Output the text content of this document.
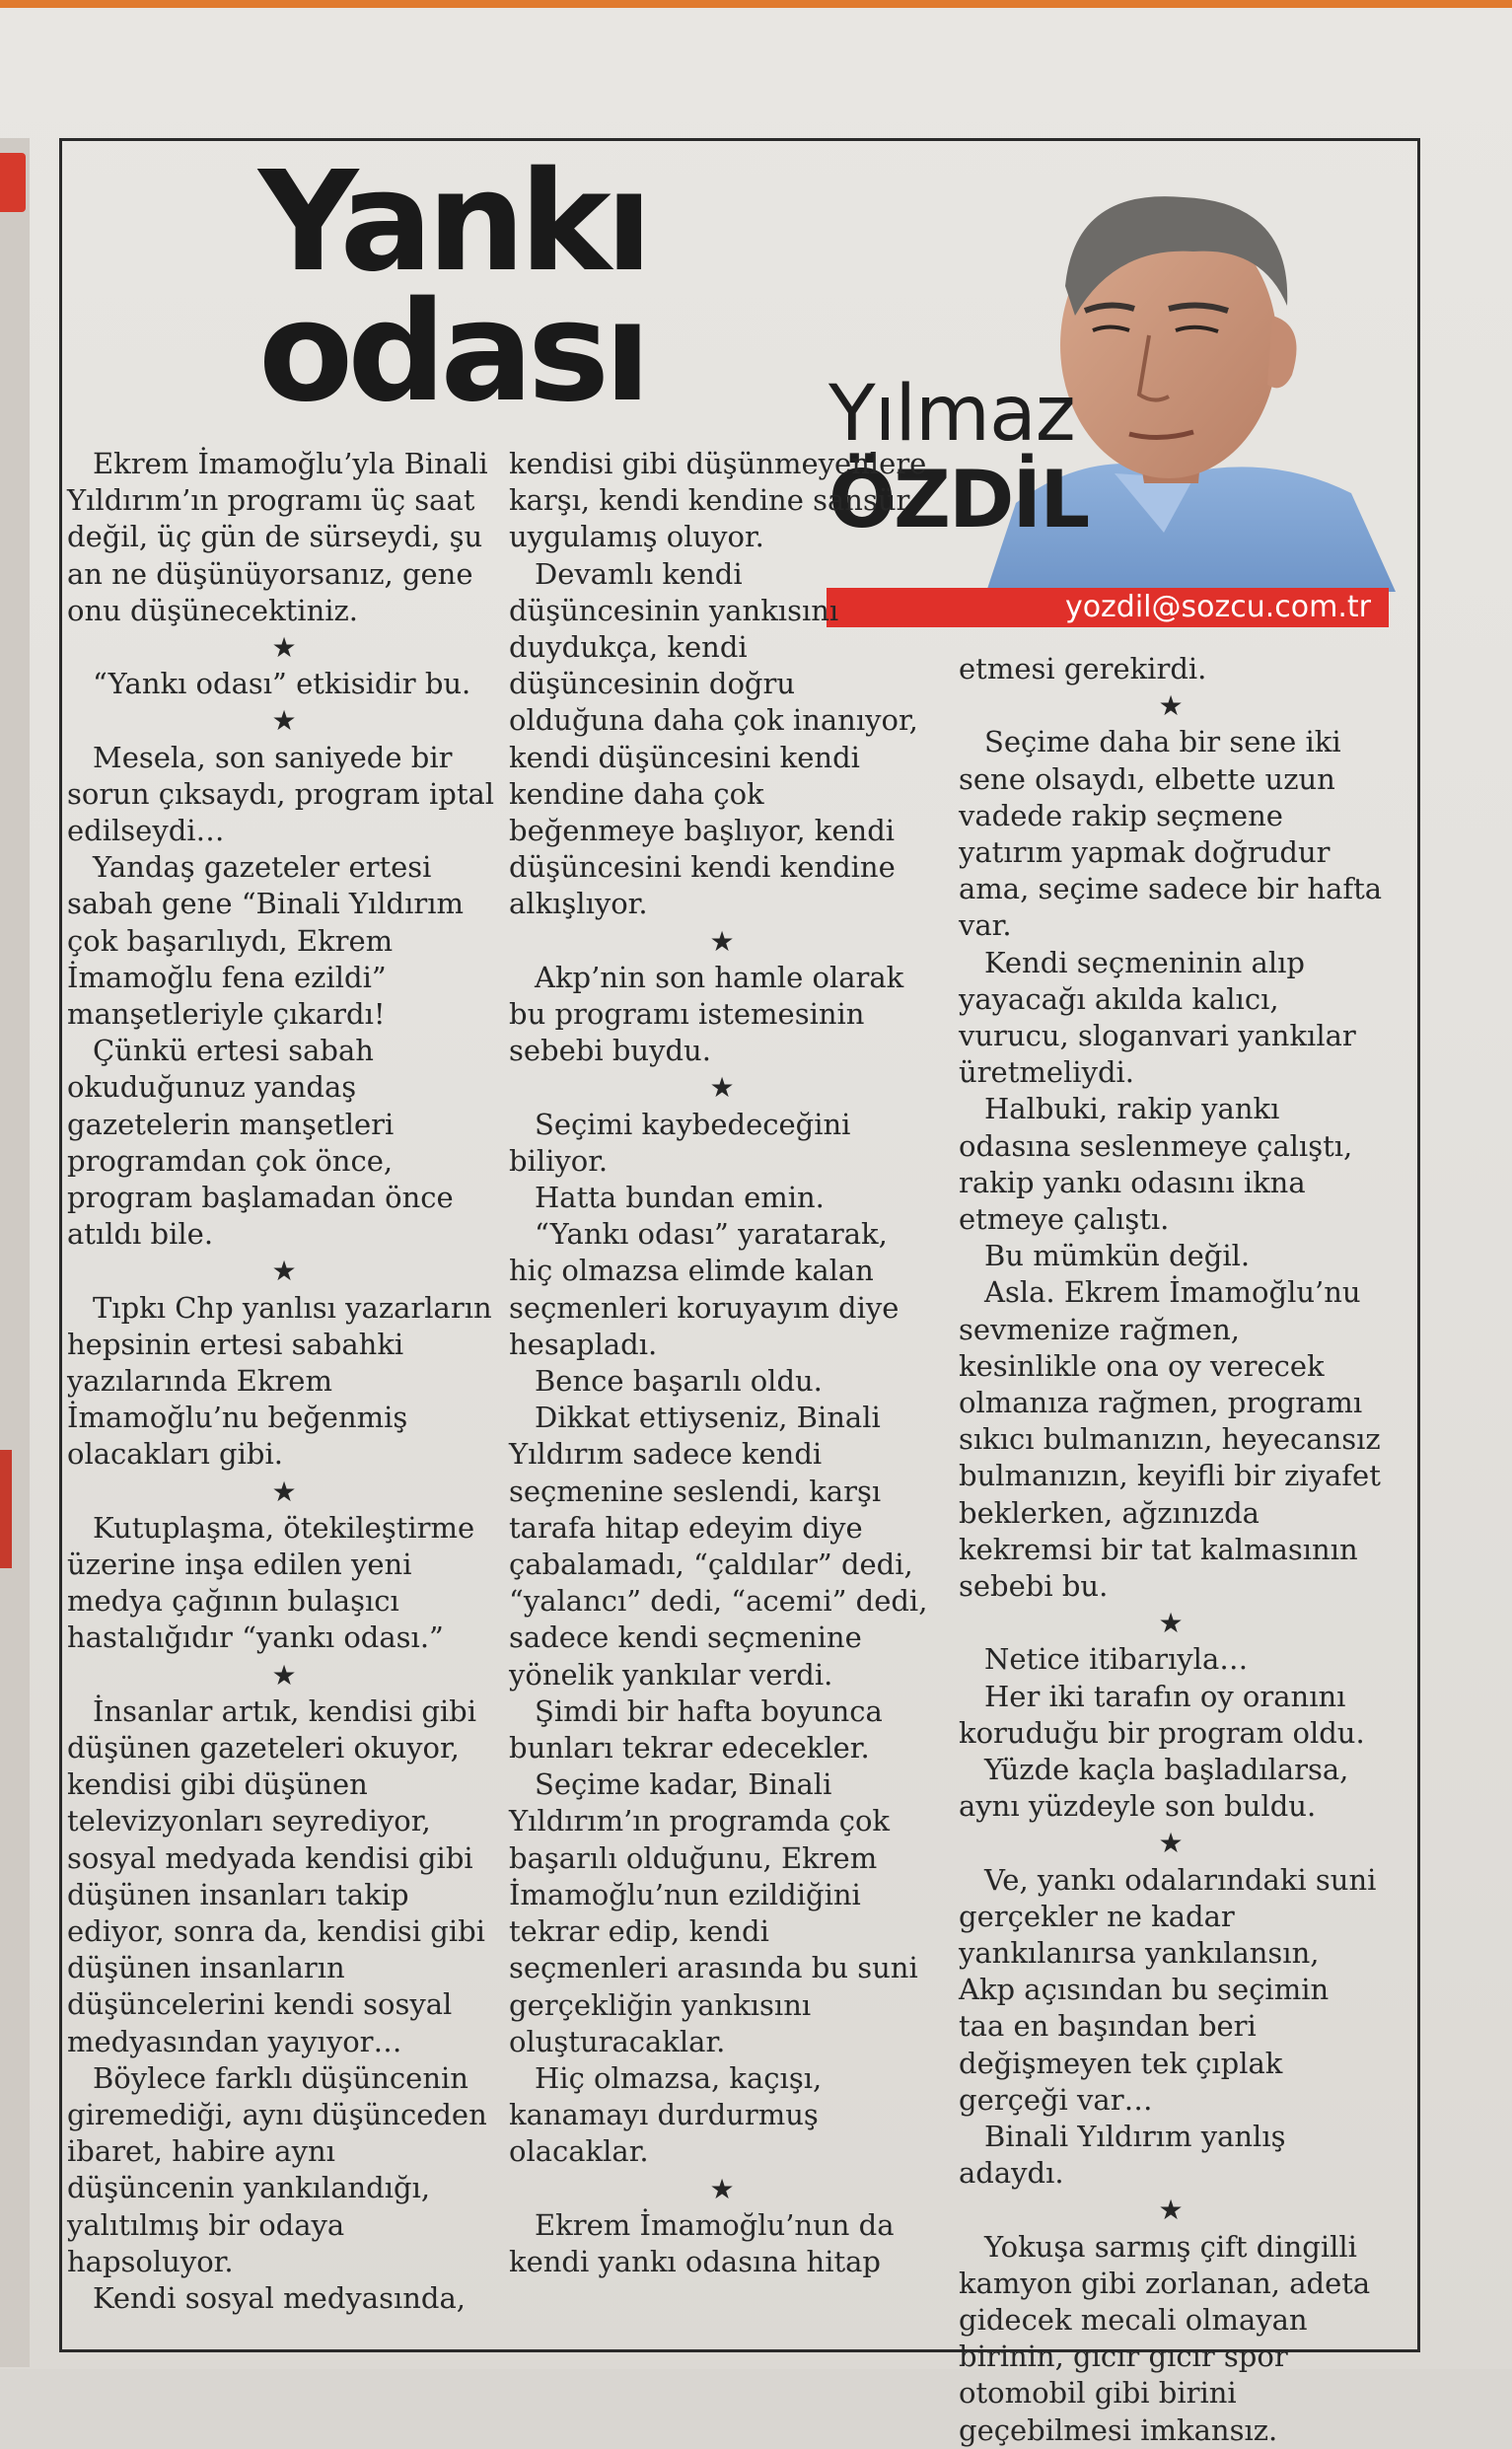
Yankı
odası Yılmaz
ÖZDİL
yozdil@sozcu.com.tr

Ekrem İmamoğlu’yla Binali Yıldırım’ın programı üç saat değil, üç gün de sürseydi, şu an ne düşünüyorsanız, gene onu düşünecektiniz.

★

“Yankı odası” etkisidir bu.

★

Mesela, son saniyede bir sorun çıksaydı, program iptal edilseydi…

Yandaş gazeteler ertesi sabah gene “Binali Yıldırım çok başarılıydı, Ekrem İmamoğlu fena ezildi” manşetleriyle çıkardı!

Çünkü ertesi sabah okuduğunuz yandaş gazetelerin manşetleri programdan çok önce, program başlamadan önce atıldı bile.

★

Tıpkı Chp yanlısı yazarların hepsinin ertesi sabahki yazılarında Ekrem İmamoğlu’nu beğenmiş olacakları gibi.

★

Kutuplaşma, ötekileştirme üzerine inşa edilen yeni medya çağının bulaşıcı hastalığıdır “yankı odası.”

★

İnsanlar artık, kendisi gibi düşünen gazeteleri okuyor, kendisi gibi düşünen televizyonları seyrediyor, sosyal medyada kendisi gibi düşünen insanları takip ediyor, sonra da, kendisi gibi düşünen insanların düşüncelerini kendi sosyal medyasından yayıyor…

Böylece farklı düşüncenin giremediği, aynı düşünceden ibaret, habire aynı düşüncenin yankılandığı, yalıtılmış bir odaya hapsoluyor.

Kendi sosyal medyasında,

kendisi gibi düşünmeyenlere karşı, kendi kendine sansür uygulamış oluyor.

Devamlı kendi düşüncesinin yankısını duydukça, kendi düşüncesinin doğru olduğuna daha çok inanıyor, kendi düşüncesini kendi kendine daha çok beğenmeye başlıyor, kendi düşüncesini kendi kendine alkışlıyor.

★

Akp’nin son hamle olarak bu programı istemesinin sebebi buydu.

★

Seçimi kaybedeceğini biliyor.

Hatta bundan emin.

“Yankı odası” yaratarak, hiç olmazsa elimde kalan seçmenleri koruyayım diye hesapladı.

Bence başarılı oldu.

Dikkat ettiyseniz, Binali Yıldırım sadece kendi seçmenine seslendi, karşı tarafa hitap edeyim diye çabalamadı, “çaldılar” dedi, “yalancı” dedi, “acemi” dedi, sadece kendi seçmenine yönelik yankılar verdi.

Şimdi bir hafta boyunca bunları tekrar edecekler.

Seçime kadar, Binali Yıldırım’ın programda çok başarılı olduğunu, Ekrem İmamoğlu’nun ezildiğini tekrar edip, kendi seçmenleri arasında bu suni gerçekliğin yankısını oluşturacaklar.

Hiç olmazsa, kaçışı, kanamayı durdurmuş olacaklar.

★

Ekrem İmamoğlu’nun da kendi yankı odasına hitap

etmesi gerekirdi.

★

Seçime daha bir sene iki sene olsaydı, elbette uzun vadede rakip seçmene yatırım yapmak doğrudur ama, seçime sadece bir hafta var.

Kendi seçmeninin alıp yayacağı akılda kalıcı, vurucu, sloganvari yankılar üretmeliydi.

Halbuki, rakip yankı odasına seslenmeye çalıştı, rakip yankı odasını ikna etmeye çalıştı.

Bu mümkün değil.

Asla. Ekrem İmamoğlu’nu sevmenize rağmen, kesinlikle ona oy verecek olmanıza rağmen, programı sıkıcı bulmanızın, heyecansız bulmanızın, keyifli bir ziyafet beklerken, ağzınızda kekremsi bir tat kalmasının sebebi bu.

★

Netice itibarıyla…

Her iki tarafın oy oranını koruduğu bir program oldu.

Yüzde kaçla başladılarsa, aynı yüzdeyle son buldu.

★

Ve, yankı odalarındaki suni gerçekler ne kadar yankılanırsa yankılansın, Akp açısından bu seçimin taa en başından beri değişmeyen tek çıplak gerçeği var…

Binali Yıldırım yanlış adaydı.

★

Yokuşa sarmış çift dingilli kamyon gibi zorlanan, adeta gidecek mecali olmayan birinin, gıcır gıcır spor otomobil gibi birini geçebilmesi imkansız.
